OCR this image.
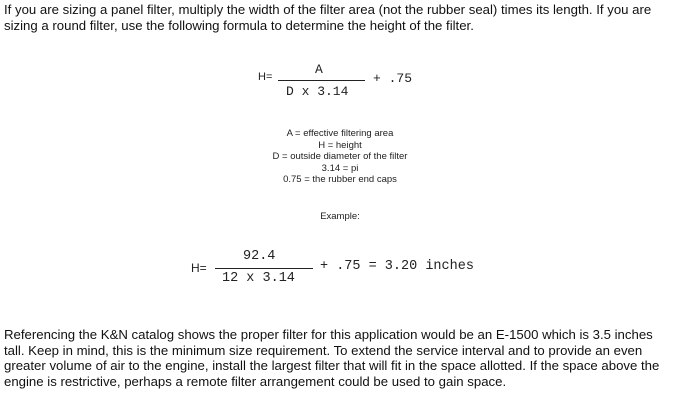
If you are sizing a panel filter, multiply the width of the filter area (not the rubber seal) times its length. If you are sizing a round filter, use the following formula to determine the height of the filter.

H=	A
D x 3.14
+ .75
A = effective filtering area
H = height
D = outside diameter of the filter
3.14 = pi
0.75 = the rubber end caps
Example:
H=
92.4
12 x 3.14
+ .75 = 3.20 inches

Referencing the K&N catalog shows the proper filter for this application would be an E-1500 which is 3.5 inches tall. Keep in mind, this is the minimum size requirement. To extend the service interval and to provide an even greater volume of air to the engine, install the largest filter that will fit in the space allotted. If the space above the engine is restrictive, perhaps a remote filter arrangement could be used to gain space.
